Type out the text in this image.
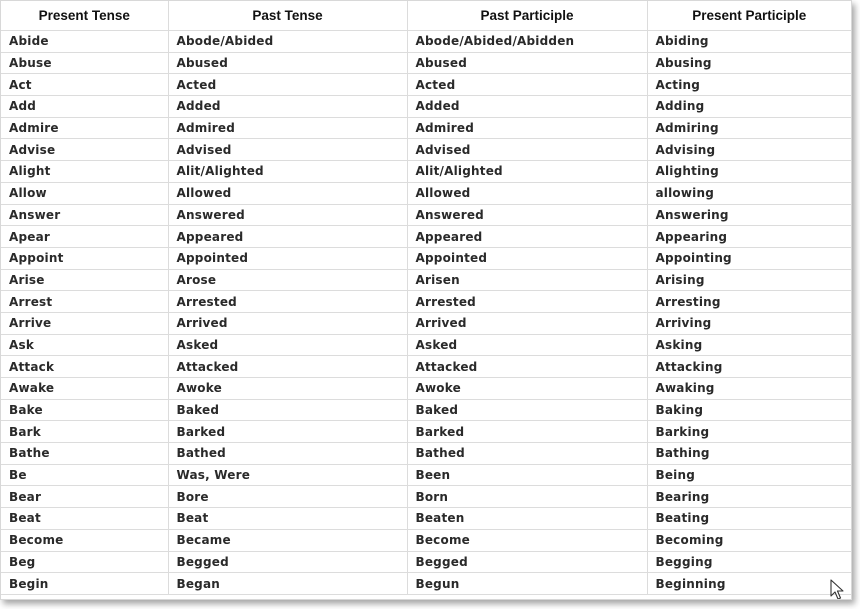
Present Tense	Past Tense	Past Participle	Present Participle
Abide	Abode/Abided	Abode/Abided/Abidden	Abiding
Abuse	Abused	Abused	Abusing
Act	Acted	Acted	Acting
Add	Added	Added	Adding
Admire	Admired	Admired	Admiring
Advise	Advised	Advised	Advising
Alight	Alit/Alighted	Alit/Alighted	Alighting
Allow	Allowed	Allowed	allowing
Answer	Answered	Answered	Answering
Apear	Appeared	Appeared	Appearing
Appoint	Appointed	Appointed	Appointing
Arise	Arose	Arisen	Arising
Arrest	Arrested	Arrested	Arresting
Arrive	Arrived	Arrived	Arriving
Ask	Asked	Asked	Asking
Attack	Attacked	Attacked	Attacking
Awake	Awoke	Awoke	Awaking
Bake	Baked	Baked	Baking
Bark	Barked	Barked	Barking
Bathe	Bathed	Bathed	Bathing
Be	Was, Were	Been	Being
Bear	Bore	Born	Bearing
Beat	Beat	Beaten	Beating
Become	Became	Become	Becoming
Beg	Begged	Begged	Begging
Begin	Began	Begun	Beginning
